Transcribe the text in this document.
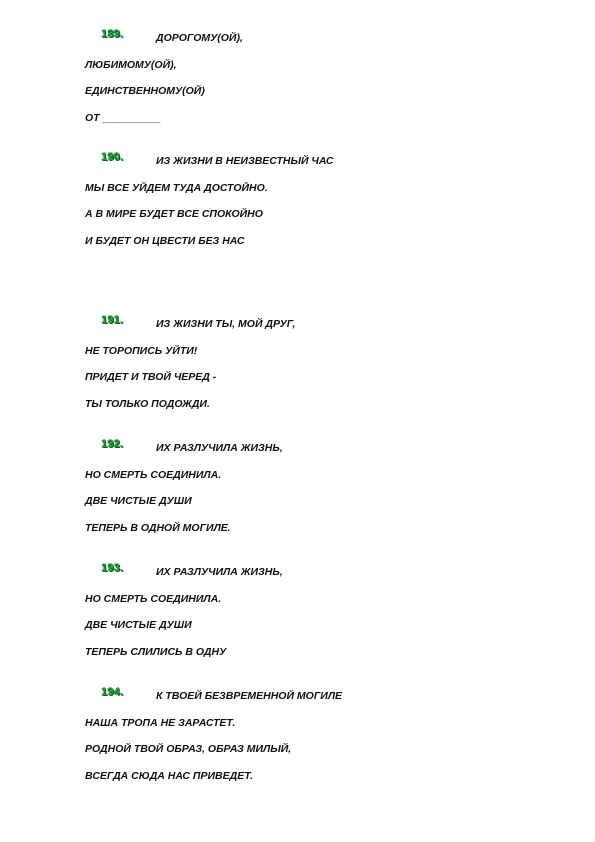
189.	ДОРОГОМУ(ОЙ),
ЛЮБИМОМУ(ОЙ),
ЕДИНСТВЕННОМУ(ОЙ)
ОТ __________
190.	ИЗ ЖИЗНИ В НЕИЗВЕСТНЫЙ ЧАС
МЫ ВСЕ УЙДЕМ ТУДА ДОСТОЙНО.
А В МИРЕ БУДЕТ ВСЕ СПОКОЙНО
И БУДЕТ ОН ЦВЕСТИ БЕЗ НАС
191.	ИЗ ЖИЗНИ ТЫ, МОЙ ДРУГ,
НЕ ТОРОПИСЬ УЙТИ!
ПРИДЕТ И ТВОЙ ЧЕРЕД -
ТЫ ТОЛЬКО ПОДОЖДИ.
192.	ИХ РАЗЛУЧИЛА ЖИЗНЬ,
НО СМЕРТЬ СОЕДИНИЛА.
ДВЕ ЧИСТЫЕ ДУШИ
ТЕПЕРЬ В ОДНОЙ МОГИЛЕ.
193.	ИХ РАЗЛУЧИЛА ЖИЗНЬ,
НО СМЕРТЬ СОЕДИНИЛА.
ДВЕ ЧИСТЫЕ ДУШИ
ТЕПЕРЬ СЛИЛИСЬ В ОДНУ
194.	К ТВОЕЙ БЕЗВРЕМЕННОЙ МОГИЛЕ
НАША ТРОПА НЕ ЗАРАСТЕТ.
РОДНОЙ ТВОЙ ОБРАЗ, ОБРАЗ МИЛЫЙ,
ВСЕГДА СЮДА НАС ПРИВЕДЕТ.
